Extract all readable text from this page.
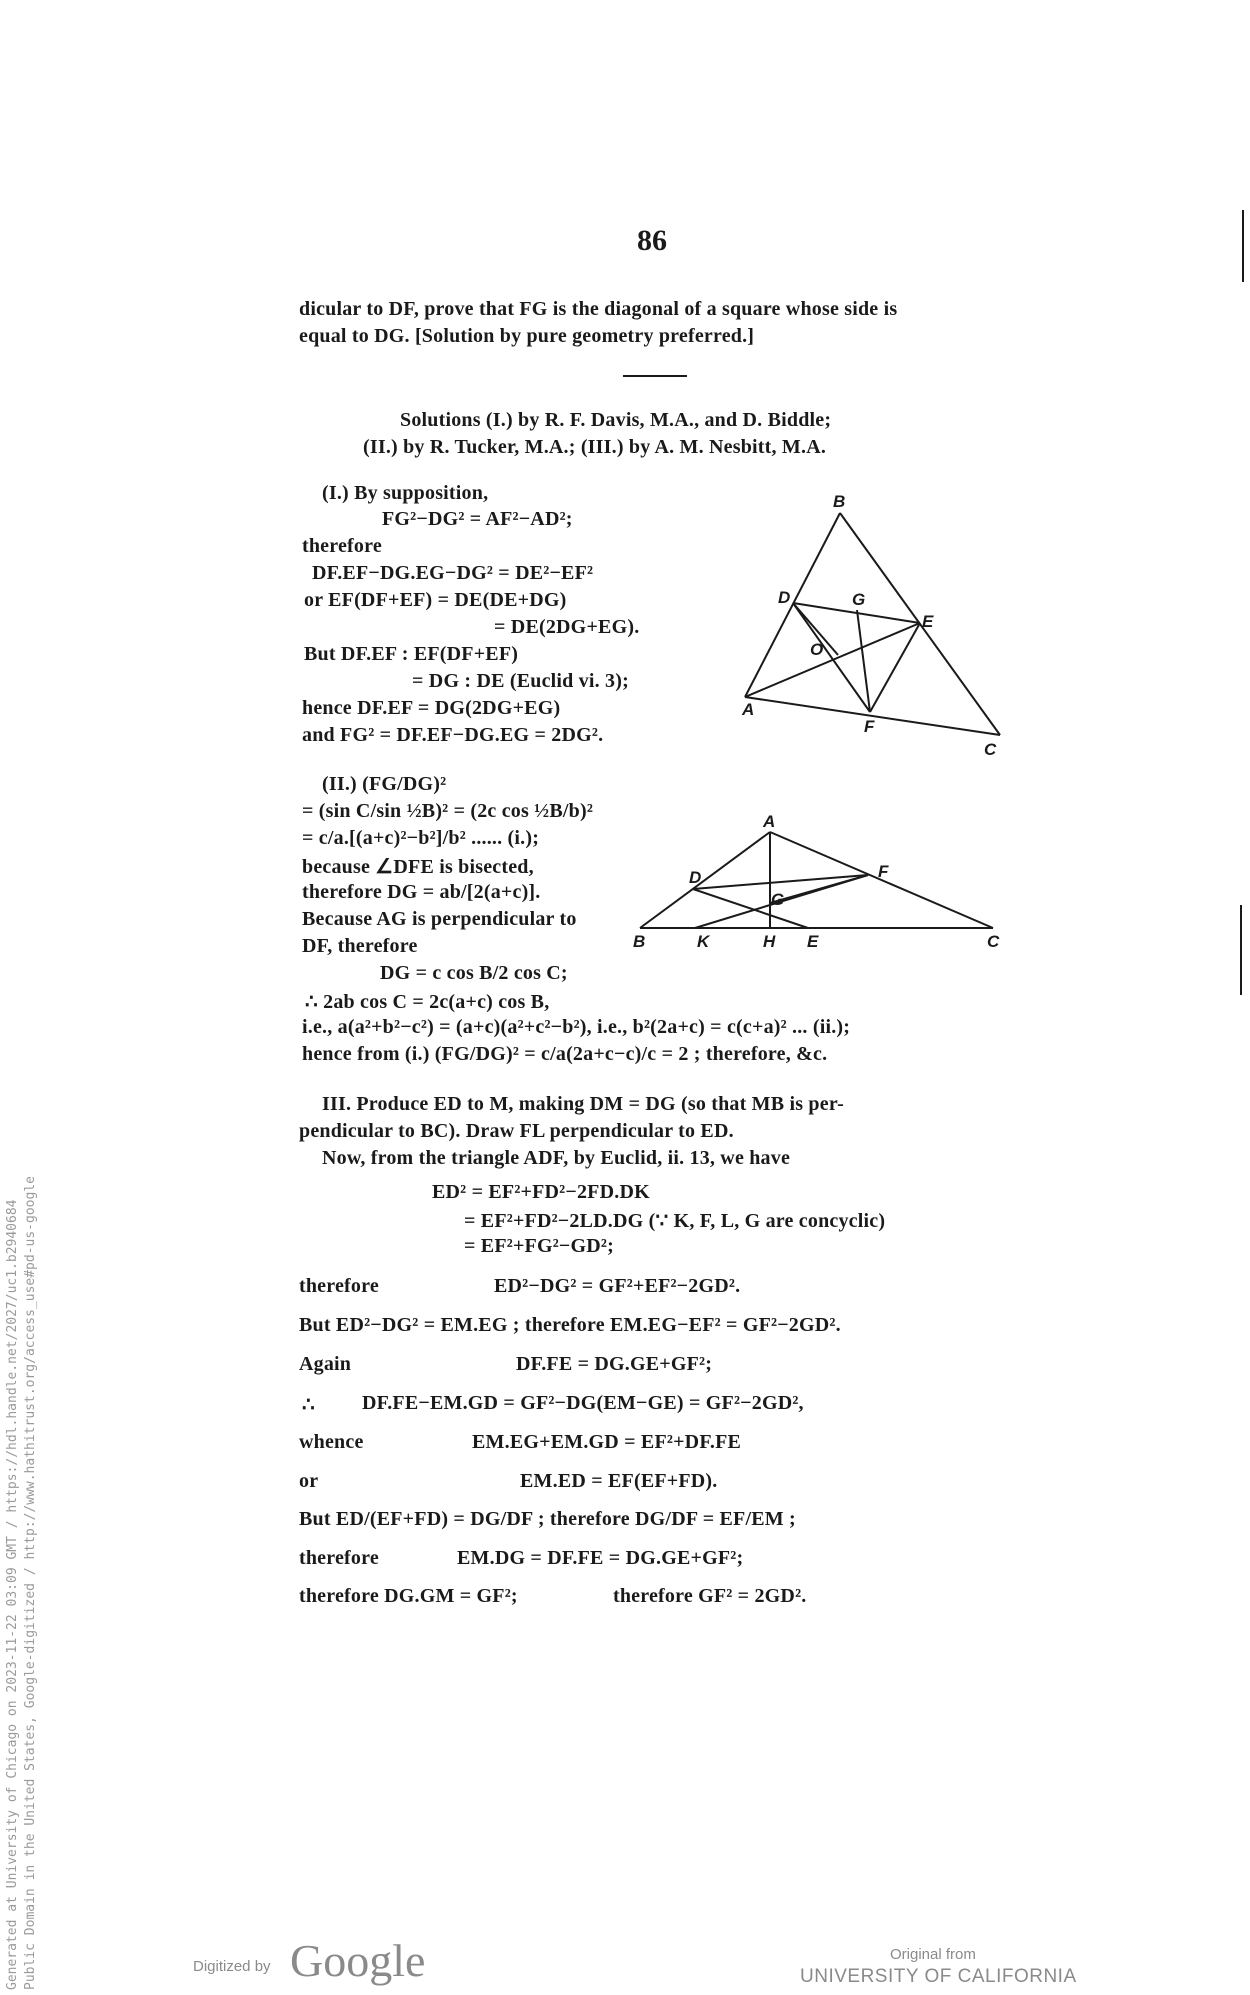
86
dicular to DF, prove that FG is the diagonal of a square whose side is
equal to DG. [Solution by pure geometry preferred.]
Solutions (I.) by R. F. Davis, M.A., and D. Biddle;
(II.) by R. Tucker, M.A.; (III.) by A. M. Nesbitt, M.A.
(I.) By supposition,
FG²−DG² = AF²−AD²;
therefore
DF.EF−DG.EG−DG² = DE²−EF²
or EF(DF+EF) = DE(DE+DG)
= DE(2DG+EG).
But DF.EF : EF(DF+EF)
= DG : DE (Euclid vi. 3);
hence DF.EF = DG(2DG+EG)
and FG² = DF.EF−DG.EG = 2DG².
B
D	G
E
O
A
F
C
(II.) (FG/DG)²
= (sin C/sin ½B)² = (2c cos ½B/b)²
= c/a.[(a+c)²−b²]/b² ...... (i.);
because ∠DFE is bisected,
therefore DG = ab/[2(a+c)].
Because AG is perpendicular to
DF, therefore
DG = c cos B/2 cos C;
∴ 2ab cos C = 2c(a+c) cos B,
i.e., a(a²+b²−c²) = (a+c)(a²+c²−b²), i.e., b²(2a+c) = c(c+a)² ... (ii.);
hence from (i.) (FG/DG)² = c/a(2a+c−c)/c = 2 ; therefore, &c.
A
D	F
G
B	K	H E	C
III. Produce ED to M, making DM = DG (so that MB is per-
pendicular to BC). Draw FL perpendicular to ED.
Now, from the triangle ADF, by Euclid, ii. 13, we have
ED² = EF²+FD²−2FD.DK
= EF²+FD²−2LD.DG (∵ K, F, L, G are concyclic)
= EF²+FG²−GD²;
therefore	ED²−DG² = GF²+EF²−2GD².
But ED²−DG² = EM.EG ; therefore EM.EG−EF² = GF²−2GD².
Again	DF.FE = DG.GE+GF²;
∴ DF.FE−EM.GD = GF²−DG(EM−GE) = GF²−2GD²,
whence	EM.EG+EM.GD = EF²+DF.FE
or	EM.ED = EF(EF+FD).
But ED/(EF+FD) = DG/DF ; therefore DG/DF = EF/EM ;
therefore	EM.DG = DF.FE = DG.GE+GF²;
therefore DG.GM = GF²;	therefore GF² = 2GD².
Generated at University of Chicago on 2023-11-22 03:09 GMT / https://hdl.handle.net/2027/uc1.b2940684 Public Domain in the United States, Google-digitized / http://www.hathitrust.org/access_use#pd-us-google	Digitized by Google	Original from
UNIVERSITY OF CALIFORNIA
